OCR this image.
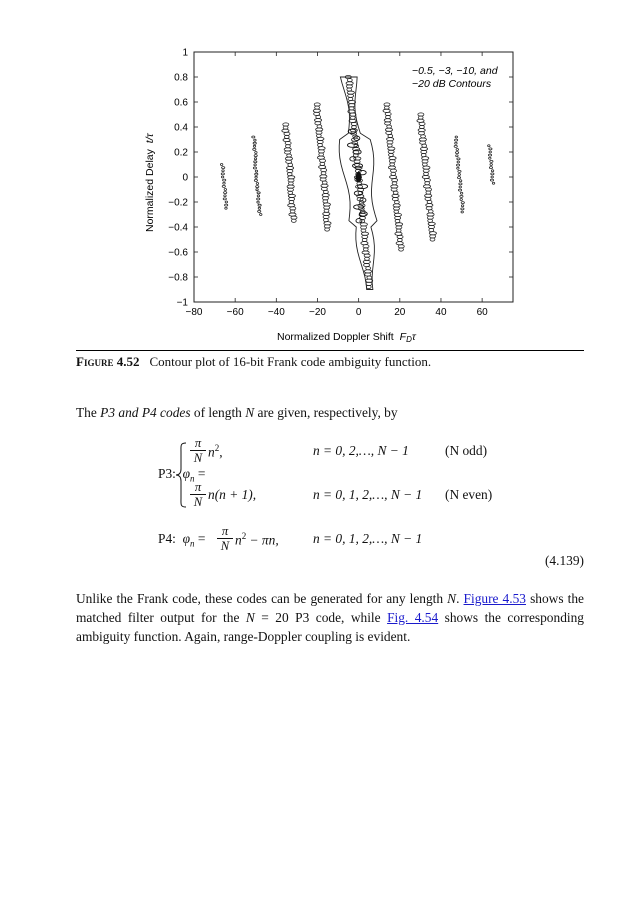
−80 −60 −40 −20	0	20	40	60
1
0.8
0.6
0.4
0.2
0
−0.2
−0.4
−0.6
−0.8
−1
−0.5, −3, −10, and
−20 dB Contours
Normalized Doppler Shift FDτ
Normalized Delay t/τ
Figure 4.52 Contour plot of 16-bit Frank code ambiguity function.
The P3 and P4 codes of length N are given, respectively, by
P3: $\varphi_n$ =
$\frac{\pi}{N} n^2$,	n = 0, 2,…, N − 1	(N odd)
$\frac{\pi}{N} n(n + 1)$,	n = 0, 1, 2,…, N − 1 (N even)
P4: $\varphi_n = \frac{\pi}{N} n^2 - \pi n$,	n = 0, 1, 2,…, N − 1
(4.139)
Unlike the Frank code, these codes can be generated for any length N. Figure 4.53 shows the matched filter output for the N = 20 P3 code, while Fig. 4.54 shows the corresponding ambiguity function. Again, range-Doppler coupling is evident.
